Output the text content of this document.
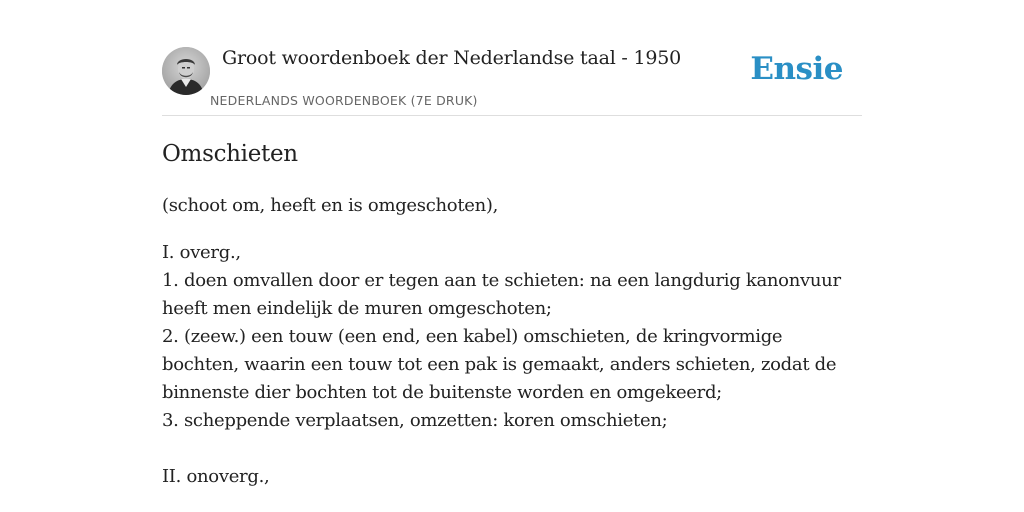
Groot woordenboek der Nederlandse taal - 1950
NEDERLANDS WOORDENBOEK (7E DRUK)
Ensie
Omschieten

(schoot om, heeft en is omgeschoten),

I. overg.,
1. doen omvallen door er tegen aan te schieten: na een langdurig kanonvuur heeft men eindelijk de muren omgeschoten;
2. (zeew.) een touw (een end, een kabel) omschieten, de kringvormige bochten, waarin een touw tot een pak is gemaakt, anders schieten, zodat de binnenste dier bochten tot de buitenste worden en omgekeerd;
3. scheppende verplaatsen, omzetten: koren omschieten;
II. onoverg.,
